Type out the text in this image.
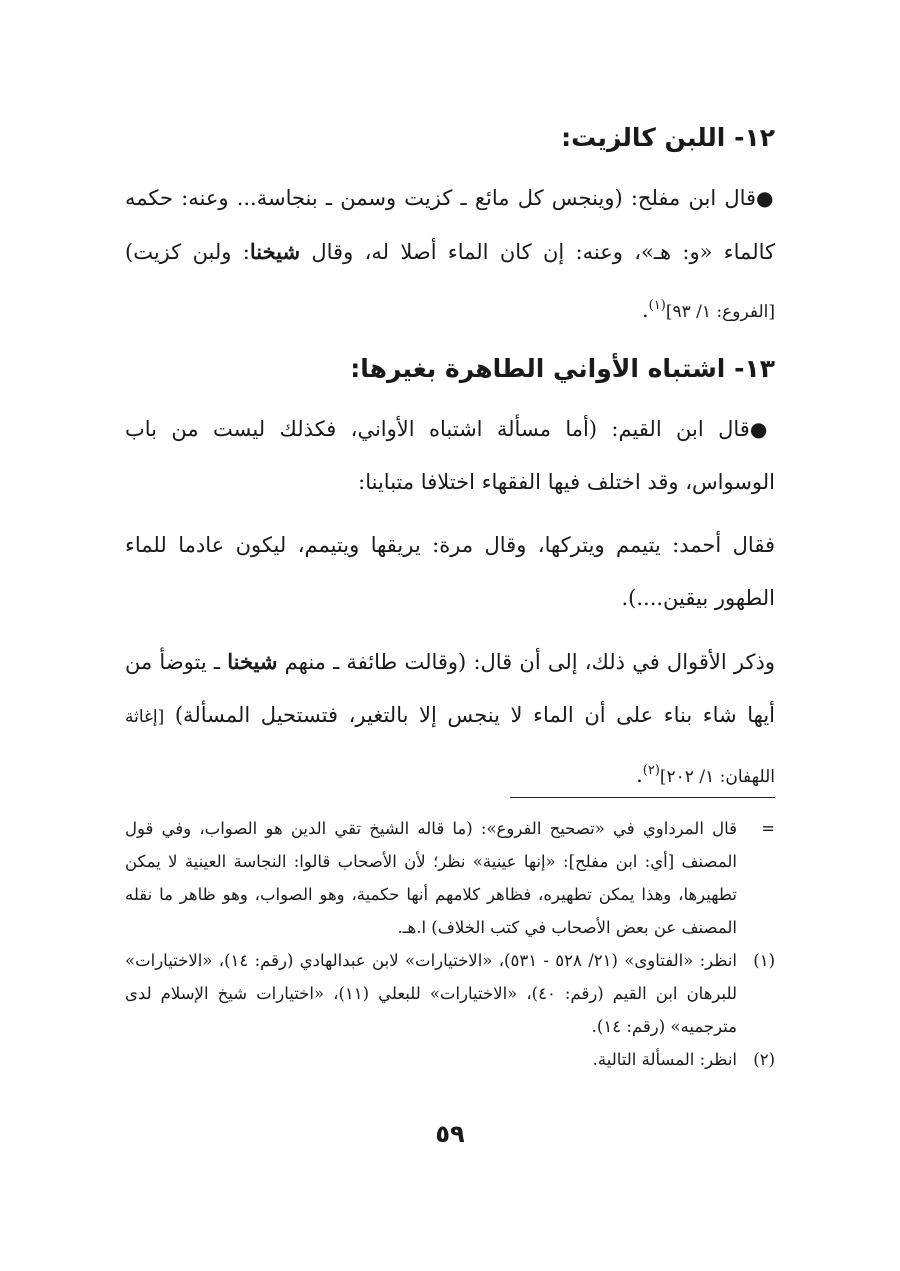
١٢- اللبن كالزيت:

●قال ابن مفلح: (وينجس كل مائع ـ كزيت وسمن ـ بنجاسة... وعنه: حكمه كالماء «و: هـ»، وعنه: إن كان الماء أصلا له، وقال شيخنا: ولبن كزيت) [الفروع: ١/ ٩٣]$^{(١)}$.

١٣- اشتباه الأواني الطاهرة بغيرها:

●قال ابن القيم: (أما مسألة اشتباه الأواني، فكذلك ليست من باب الوسواس، وقد اختلف فيها الفقهاء اختلافا متباينا:

فقال أحمد: يتيمم ويتركها، وقال مرة: يريقها ويتيمم، ليكون عادما للماء الطهور بيقين....).

وذكر الأقوال في ذلك، إلى أن قال: (وقالت طائفة ـ منهم شيخنا ـ يتوضأ من أيها شاء بناء على أن الماء لا ينجس إلا بالتغير، فتستحيل المسألة) [إغاثة اللهفان: ١/ ٢٠٢]$^{(٢)}$.

=
قال المرداوي في «تصحيح الفروع»: (ما قاله الشيخ تقي الدين هو الصواب، وفي قول المصنف [أي: ابن مفلح]: «إنها عينية» نظر؛ لأن الأصحاب قالوا: النجاسة العينية لا يمكن تطهيرها، وهذا يمكن تطهيره، فظاهر كلامهم أنها حكمية، وهو الصواب، وهو ظاهر ما نقله المصنف عن بعض الأصحاب في كتب الخلاف) ا.هـ.
(١)
انظر: «الفتاوى» (٢١/ ٥٢٨ - ٥٣١)، «الاختيارات» لابن عبدالهادي (رقم: ١٤)، «الاختيارات» للبرهان ابن القيم (رقم: ٤٠)، «الاختيارات» للبعلي (١١)، «اختيارات شيخ الإسلام لدى مترجميه» (رقم: ١٤).
(٢)
انظر: المسألة التالية.
٥٩
